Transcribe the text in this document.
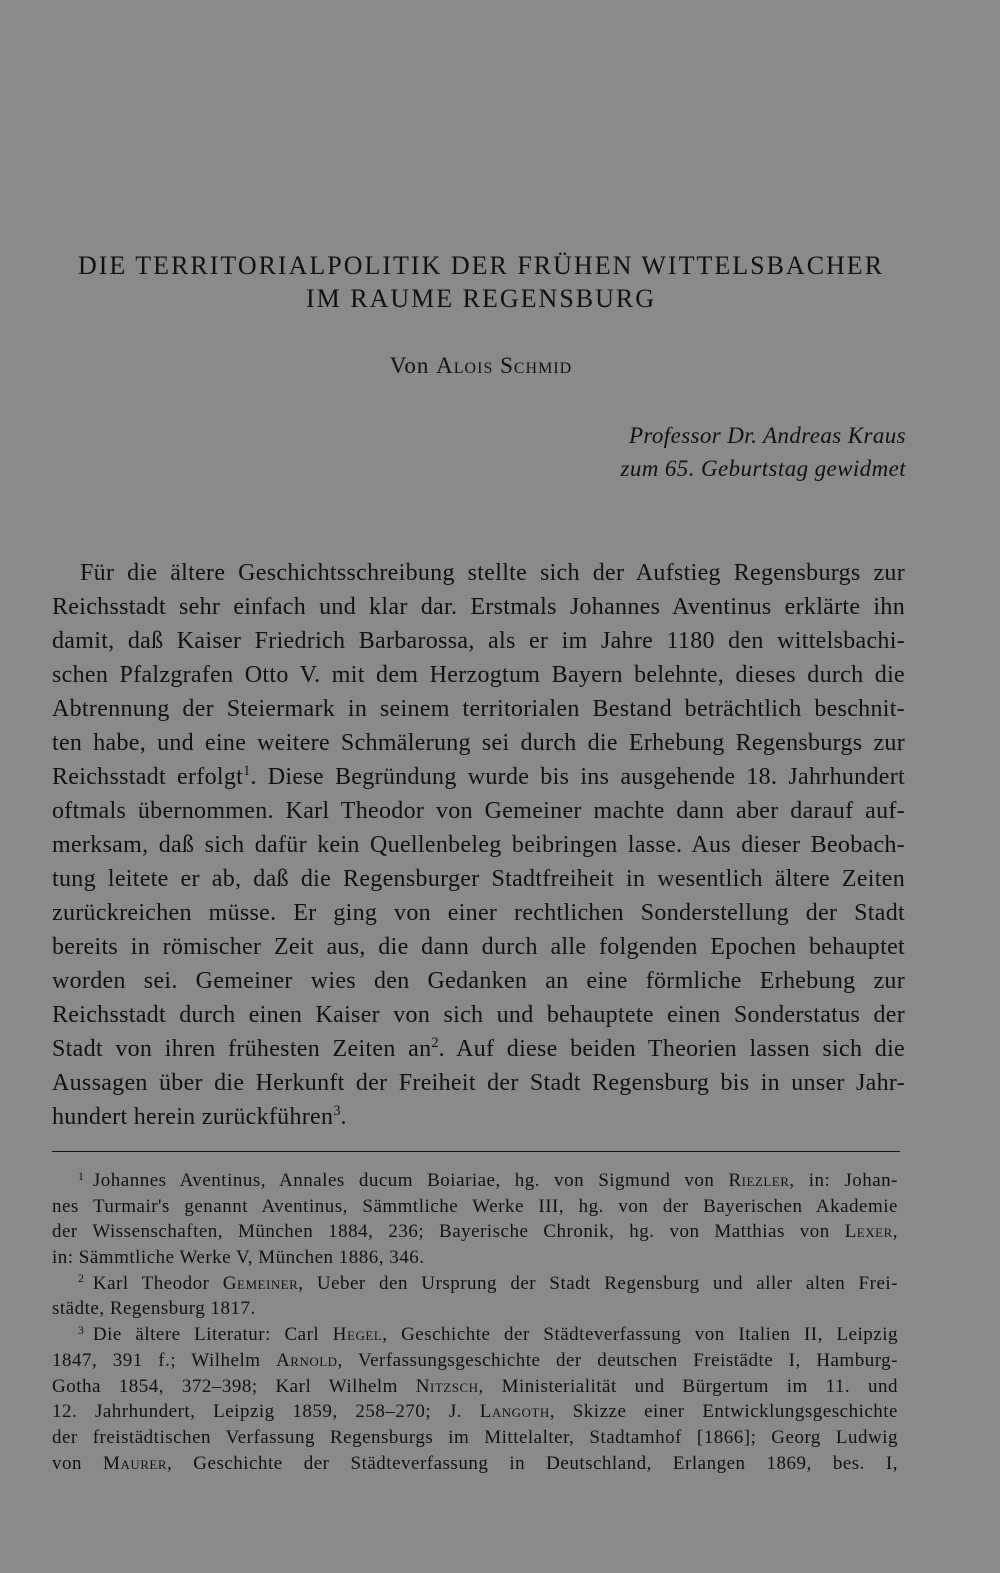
DIE TERRITORIALPOLITIK DER FRÜHEN WITTELSBACHER
IM RAUME REGENSBURG
Von Alois Schmid
Professor Dr. Andreas Kraus
zum 65. Geburtstag gewidmet
Für die ältere Geschichtsschreibung stellte sich der Aufstieg Regensburgs zur
Reichsstadt sehr einfach und klar dar. Erstmals Johannes Aventinus erklärte ihn
damit, daß Kaiser Friedrich Barbarossa, als er im Jahre 1180 den wittelsbachi-
schen Pfalzgrafen Otto V. mit dem Herzogtum Bayern belehnte, dieses durch die
Abtrennung der Steiermark in seinem territorialen Bestand beträchtlich beschnit-
ten habe, und eine weitere Schmälerung sei durch die Erhebung Regensburgs zur
Reichsstadt erfolgt$^1$. Diese Begründung wurde bis ins ausgehende 18. Jahrhundert
oftmals übernommen. Karl Theodor von Gemeiner machte dann aber darauf auf-
merksam, daß sich dafür kein Quellenbeleg beibringen lasse. Aus dieser Beobach-
tung leitete er ab, daß die Regensburger Stadtfreiheit in wesentlich ältere Zeiten
zurückreichen müsse. Er ging von einer rechtlichen Sonderstellung der Stadt
bereits in römischer Zeit aus, die dann durch alle folgenden Epochen behauptet
worden sei. Gemeiner wies den Gedanken an eine förmliche Erhebung zur
Reichsstadt durch einen Kaiser von sich und behauptete einen Sonderstatus der
Stadt von ihren frühesten Zeiten an$^2$. Auf diese beiden Theorien lassen sich die
Aussagen über die Herkunft der Freiheit der Stadt Regensburg bis in unser Jahr-
hundert herein zurückführen$^3$.
$^1$ Johannes Aventinus, Annales ducum Boiariae, hg. von Sigmund von Riezler, in: Johan-
nes Turmair's genannt Aventinus, Sämmtliche Werke III, hg. von der Bayerischen Akademie
der Wissenschaften, München 1884, 236; Bayerische Chronik, hg. von Matthias von Lexer,
in: Sämmtliche Werke V, München 1886, 346.
$^2$ Karl Theodor Gemeiner, Ueber den Ursprung der Stadt Regensburg und aller alten Frei-
städte, Regensburg 1817.
$^3$ Die ältere Literatur: Carl Hegel, Geschichte der Städteverfassung von Italien II, Leipzig
1847, 391 f.; Wilhelm Arnold, Verfassungsgeschichte der deutschen Freistädte I, Hamburg-
Gotha 1854, 372–398; Karl Wilhelm Nitzsch, Ministerialität und Bürgertum im 11. und
12. Jahrhundert, Leipzig 1859, 258–270; J. Langoth, Skizze einer Entwicklungsgeschichte
der freistädtischen Verfassung Regensburgs im Mittelalter, Stadtamhof [1866]; Georg Ludwig
von Maurer, Geschichte der Städteverfassung in Deutschland, Erlangen 1869, bes. I,
